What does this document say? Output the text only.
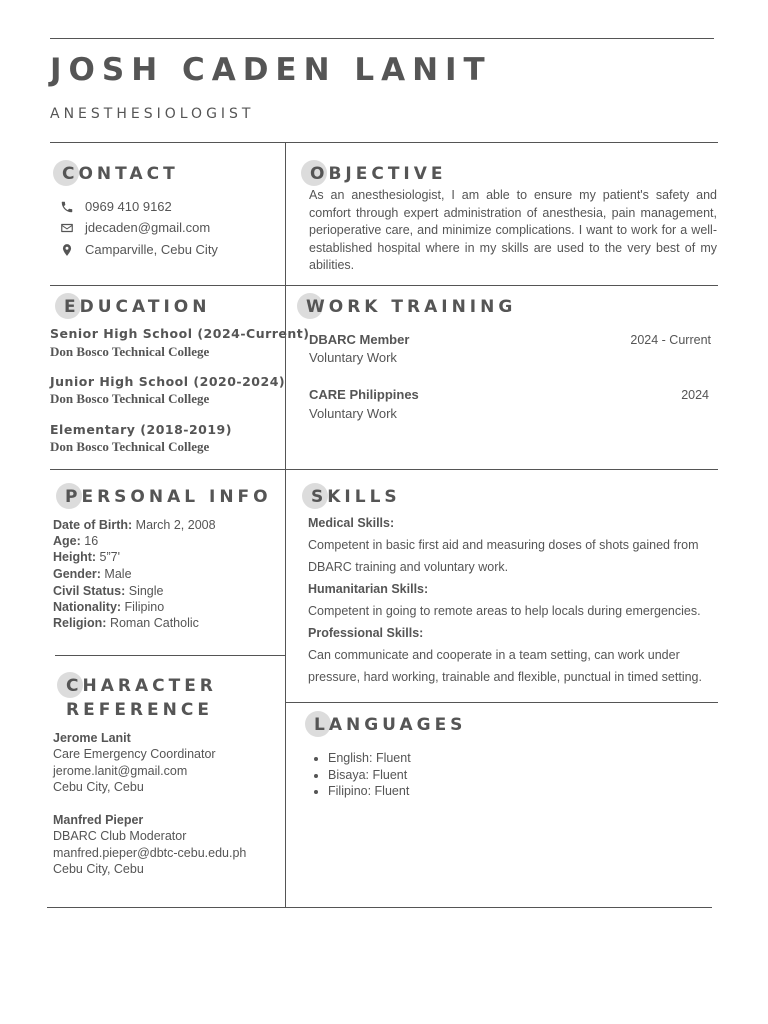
JOSH CADEN LANIT
ANESTHESIOLOGIST
CONTACT
0969 410 9162
jdecaden@gmail.com
Camparville, Cebu City
OBJECTIVE
As an anesthesiologist, I am able to ensure my patient's safety and comfort through expert administration of anesthesia, pain management, perioperative care, and minimize complications. I want to work for a well-established hospital where in my skills are used to the very best of my abilities.
EDUCATION
Senior High School (2024-Current)
Don Bosco Technical College
Junior High School (2020-2024)
Don Bosco Technical College
Elementary (2018-2019)
Don Bosco Technical College
WORK TRAINING
DBARC Member	2024 - Current
Voluntary Work
CARE Philippines	2024
Voluntary Work
PERSONAL INFO
Date of Birth: March 2, 2008
Age: 16
Height: 5”7'
Gender: Male
Civil Status: Single
Nationality: Filipino
Religion: Roman Catholic
SKILLS
Medical Skills:
Competent in basic first aid and measuring doses of shots gained from
DBARC training and voluntary work.
Humanitarian Skills:
Competent in going to remote areas to help locals during emergencies.
Professional Skills:
Can communicate and cooperate in a team setting, can work under
pressure, hard working, trainable and flexible, punctual in timed setting.
CHARACTER
REFERENCE
Jerome Lanit
Care Emergency Coordinator
jerome.lanit@gmail.com
Cebu City, Cebu
Manfred Pieper
DBARC Club Moderator
manfred.pieper@dbtc-cebu.edu.ph
Cebu City, Cebu
LANGUAGES
• English: Fluent
• Bisaya: Fluent
• Filipino: Fluent
